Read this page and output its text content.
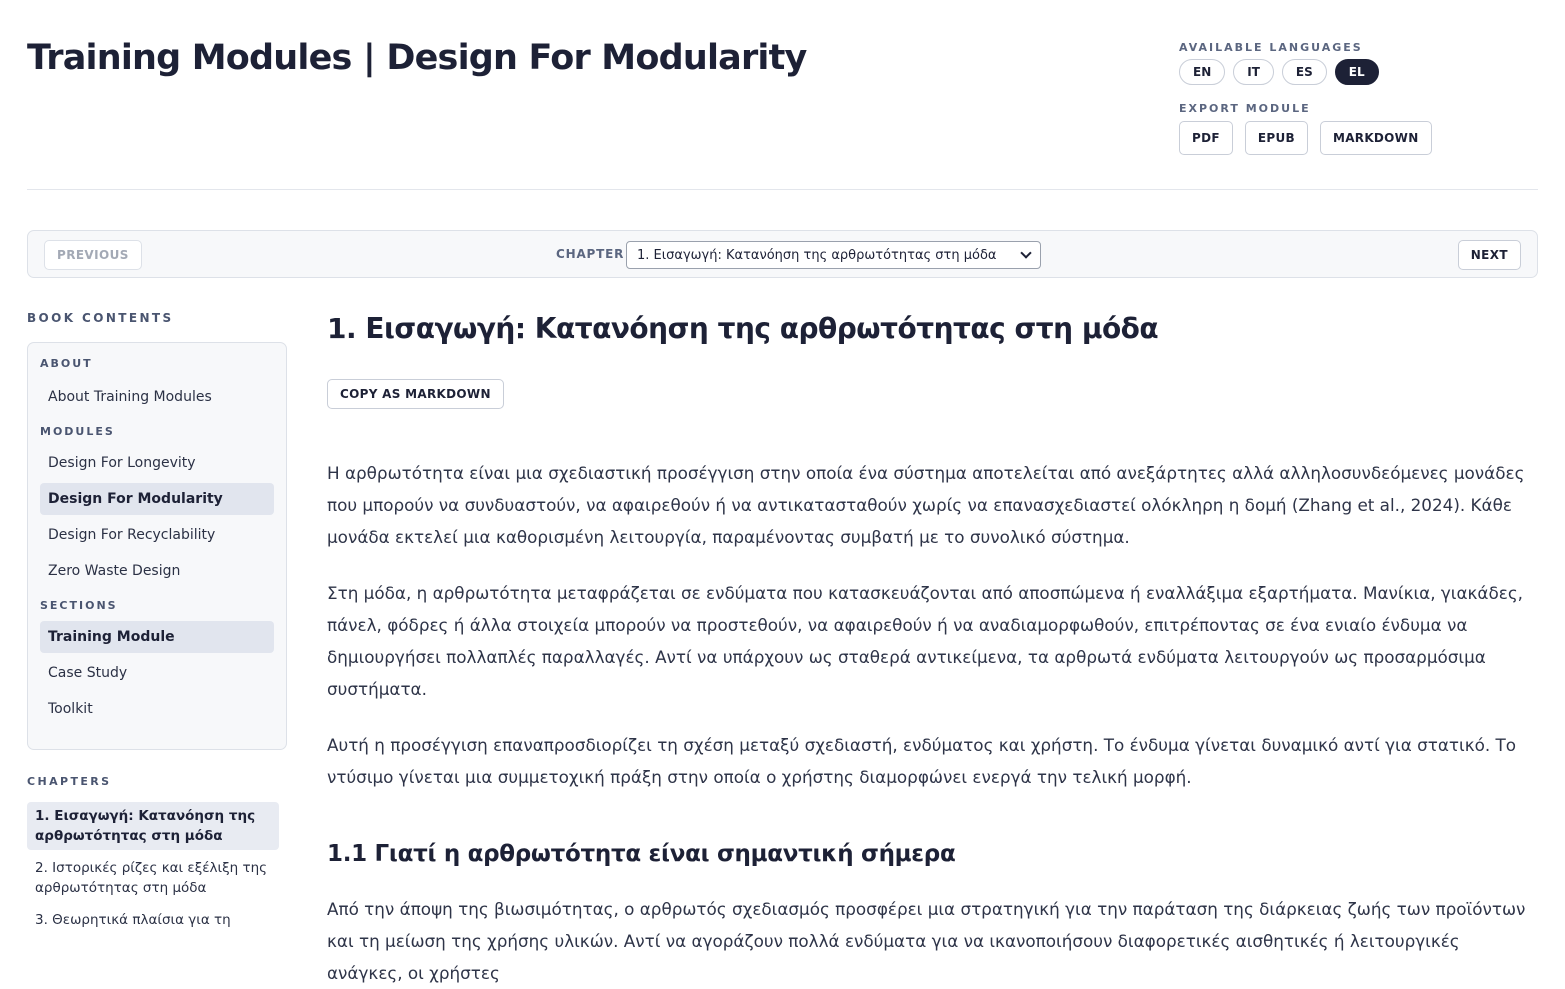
Training Modules | Design For Modularity	AVAILABLE LANGUAGES
EN	IT	ES	EL
EXPORT MODULE
PDF	EPUB	MARKDOWN
PREVIOUS	CHAPTER 1. Εισαγωγή: Κατανόηση της αρθρωτότητας στη μόδα	NEXT
BOOK CONTENTS
ABOUT
About Training Modules
MODULES
Design For Longevity
Design For Modularity
Design For Recyclability
Zero Waste Design
SECTIONS
Training Module
Case Study
Toolkit
CHAPTERS
1. Εισαγωγή: Κατανόηση της αρθρωτότητας στη μόδα
2. Ιστορικές ρίζες και εξέλιξη της αρθρωτότητας στη μόδα
3. Θεωρητικά πλαίσια για τη
1. Εισαγωγή: Κατανόηση της αρθρωτότητας στη μόδα
COPY AS MARKDOWN

Η αρθρωτότητα είναι μια σχεδιαστική προσέγγιση στην οποία ένα σύστημα αποτελείται από ανεξάρτητες αλλά αλληλοσυνδεόμενες μονάδες που μπορούν να συνδυαστούν, να αφαιρεθούν ή να αντικατασταθούν χωρίς να επανασχεδιαστεί ολόκληρη η δομή (Zhang et al., 2024). Κάθε μονάδα εκτελεί μια καθορισμένη λειτουργία, παραμένοντας συμβατή με το συνολικό σύστημα.

Στη μόδα, η αρθρωτότητα μεταφράζεται σε ενδύματα που κατασκευάζονται από αποσπώμενα ή εναλλάξιμα εξαρτήματα. Μανίκια, γιακάδες, πάνελ, φόδρες ή άλλα στοιχεία μπορούν να προστεθούν, να αφαιρεθούν ή να αναδιαμορφωθούν, επιτρέποντας σε ένα ενιαίο ένδυμα να δημιουργήσει πολλαπλές παραλλαγές. Αντί να υπάρχουν ως σταθερά αντικείμενα, τα αρθρωτά ενδύματα λειτουργούν ως προσαρμόσιμα συστήματα.

Αυτή η προσέγγιση επαναπροσδιορίζει τη σχέση μεταξύ σχεδιαστή, ενδύματος και χρήστη. Το ένδυμα γίνεται δυναμικό αντί για στατικό. Το ντύσιμο γίνεται μια συμμετοχική πράξη στην οποία ο χρήστης διαμορφώνει ενεργά την τελική μορφή.

1.1 Γιατί η αρθρωτότητα είναι σημαντική σήμερα

Από την άποψη της βιωσιμότητας, ο αρθρωτός σχεδιασμός προσφέρει μια στρατηγική για την παράταση της διάρκειας ζωής των προϊόντων και τη μείωση της χρήσης υλικών. Αντί να αγοράζουν πολλά ενδύματα για να ικανοποιήσουν διαφορετικές αισθητικές ή λειτουργικές ανάγκες, οι χρήστες
